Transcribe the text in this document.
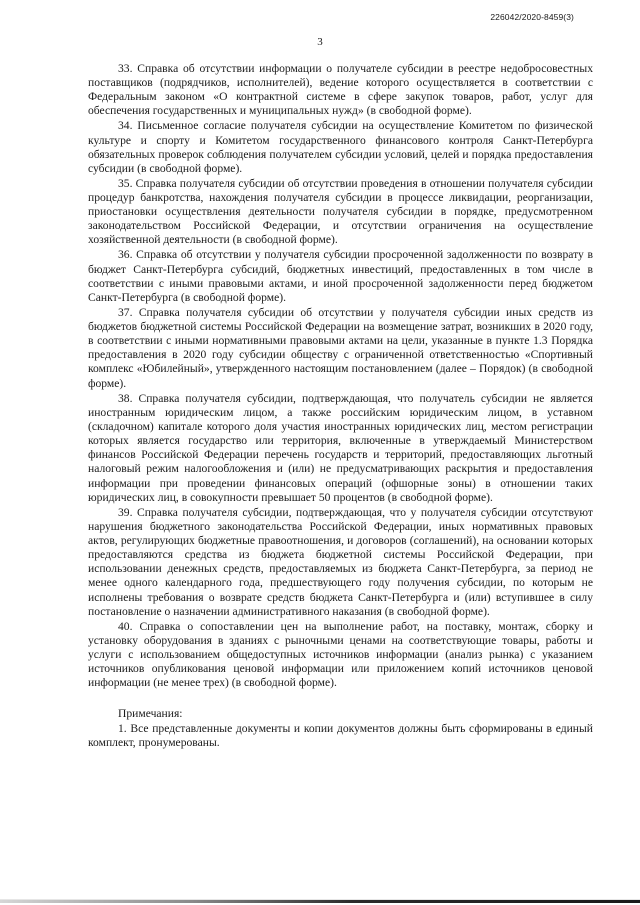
226042/2020-8459(3)
3

33. Справка об отсутствии информации о получателе субсидии в реестре недобросовестных поставщиков (подрядчиков, исполнителей), ведение которого осуществляется в соответствии с Федеральным законом «О контрактной системе в сфере закупок товаров, работ, услуг для обеспечения государственных и муниципальных нужд» (в свободной форме).

34. Письменное согласие получателя субсидии на осуществление Комитетом по физической культуре и спорту и Комитетом государственного финансового контроля Санкт-Петербурга обязательных проверок соблюдения получателем субсидии условий, целей и порядка предоставления субсидии (в свободной форме).

35. Справка получателя субсидии об отсутствии проведения в отношении получателя субсидии процедур банкротства, нахождения получателя субсидии в процессе ликвидации, реорганизации, приостановки осуществления деятельности получателя субсидии в порядке, предусмотренном законодательством Российской Федерации, и отсутствии ограничения на осуществление хозяйственной деятельности (в свободной форме).

36. Справка об отсутствии у получателя субсидии просроченной задолженности по возврату в бюджет Санкт-Петербурга субсидий, бюджетных инвестиций, предоставленных в том числе в соответствии с иными правовыми актами, и иной просроченной задолженности перед бюджетом Санкт-Петербурга (в свободной форме).

37. Справка получателя субсидии об отсутствии у получателя субсидии иных средств из бюджетов бюджетной системы Российской Федерации на возмещение затрат, возникших в 2020 году, в соответствии с иными нормативными правовыми актами на цели, указанные в пункте 1.3 Порядка предоставления в 2020 году субсидии обществу с ограниченной ответственностью «Спортивный комплекс «Юбилейный», утвержденного настоящим постановлением (далее – Порядок) (в свободной форме).

38. Справка получателя субсидии, подтверждающая, что получатель субсидии не является иностранным юридическим лицом, а также российским юридическим лицом, в уставном (складочном) капитале которого доля участия иностранных юридических лиц, местом регистрации которых является государство или территория, включенные в утверждаемый Министерством финансов Российской Федерации перечень государств и территорий, предоставляющих льготный налоговый режим налогообложения и (или) не предусматривающих раскрытия и предоставления информации при проведении финансовых операций (офшорные зоны) в отношении таких юридических лиц, в совокупности превышает 50 процентов (в свободной форме).

39. Справка получателя субсидии, подтверждающая, что у получателя субсидии отсутствуют нарушения бюджетного законодательства Российской Федерации, иных нормативных правовых актов, регулирующих бюджетные правоотношения, и договоров (соглашений), на основании которых предоставляются средства из бюджета бюджетной системы Российской Федерации, при использовании денежных средств, предоставляемых из бюджета Санкт-Петербурга, за период не менее одного календарного года, предшествующего году получения субсидии, по которым не исполнены требования о возврате средств бюджета Санкт-Петербурга и (или) вступившее в силу постановление о назначении административного наказания (в свободной форме).

40. Справка о сопоставлении цен на выполнение работ, на поставку, монтаж, сборку и установку оборудования в зданиях с рыночными ценами на соответствующие товары, работы и услуги с использованием общедоступных источников информации (анализ рынка) с указанием источников опубликования ценовой информации или приложением копий источников ценовой информации (не менее трех) (в свободной форме).

Примечания:

1. Все представленные документы и копии документов должны быть сформированы в единый комплект, пронумерованы.
